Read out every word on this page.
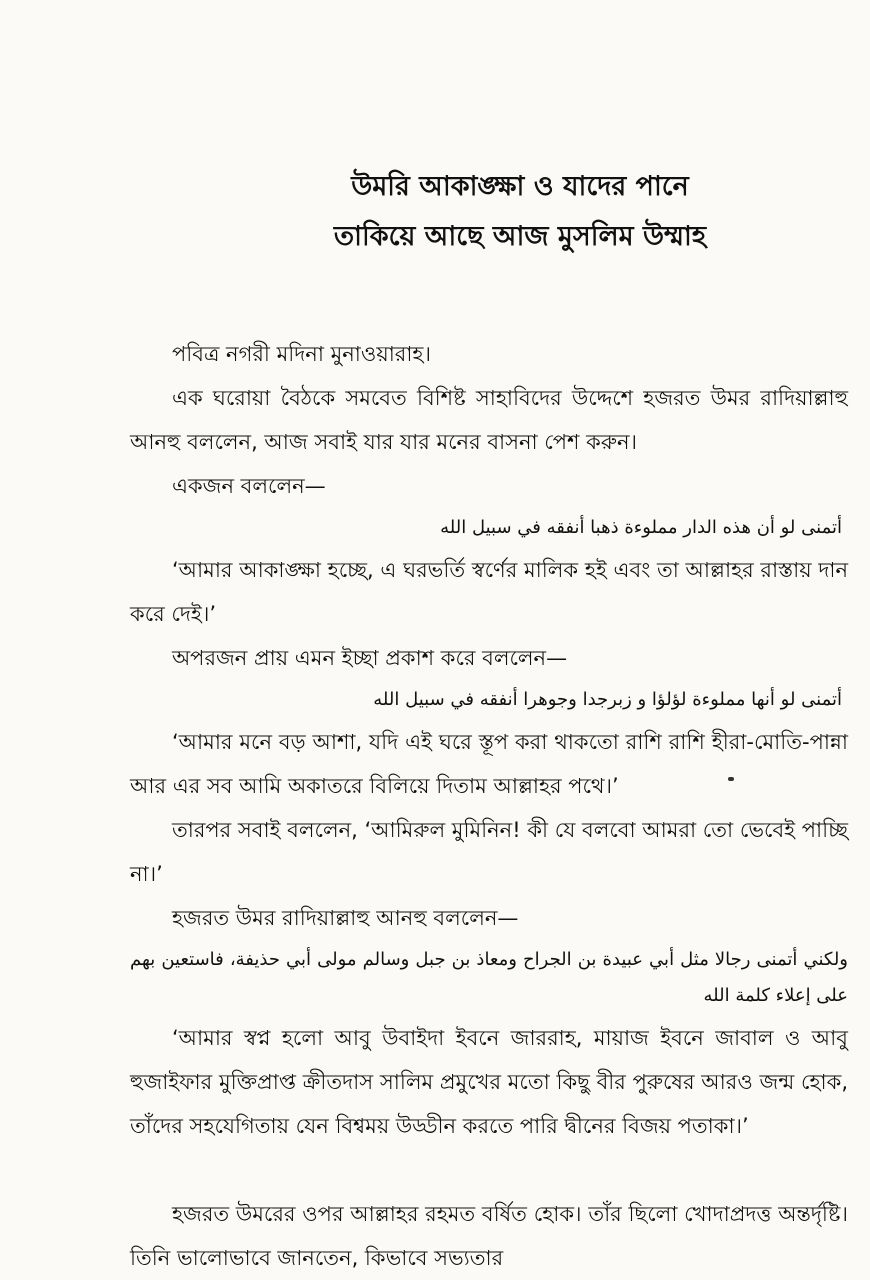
উমরি আকাঙ্ক্ষা ও যাদের পানে
তাকিয়ে আছে আজ মুসলিম উম্মাহ

পবিত্র নগরী মদিনা মুনাওয়ারাহ।

এক ঘরোয়া বৈঠকে সমবেত বিশিষ্ট সাহাবিদের উদ্দেশে হজরত উমর রাদিয়াল্লাহু আনহু বললেন, আজ সবাই যার যার মনের বাসনা পেশ করুন।

একজন বললেন—

أتمنى لو أن هذه الدار مملوءة ذهبا أنفقه في سبيل الله

‘আমার আকাঙ্ক্ষা হচ্ছে, এ ঘরভর্তি স্বর্ণের মালিক হই এবং তা আল্লাহর রাস্তায় দান করে দেই।’

অপরজন প্রায় এমন ইচ্ছা প্রকাশ করে বললেন—

أتمنى لو أنها مملوءة لؤلؤا و زبرجدا وجوهرا أنفقه في سبيل الله

‘আমার মনে বড় আশা, যদি এই ঘরে স্তূপ করা থাকতো রাশি রাশি হীরা-মোতি-পান্না আর এর সব আমি অকাতরে বিলিয়ে দিতাম আল্লাহর পথে।’

তারপর সবাই বললেন, ‘আমিরুল মুমিনিন! কী যে বলবো আমরা তো ভেবেই পাচ্ছি না।’

হজরত উমর রাদিয়াল্লাহু আনহু বললেন—

ولكني أتمنى رجالا مثل أبي عبيدة بن الجراح ومعاذ بن جبل وسالم مولى أبي حذيفة، فاستعين بهم على إعلاء كلمة الله

‘আমার স্বপ্ন হলো আবু উবাইদা ইবনে জাররাহ, মায়াজ ইবনে জাবাল ও আবু হুজাইফার মুক্তিপ্রাপ্ত ক্রীতদাস সালিম প্রমুখের মতো কিছু বীর পুরুষের আরও জন্ম হোক, তাঁদের সহযেগিতায় যেন বিশ্বময় উড্ডীন করতে পারি দ্বীনের বিজয় পতাকা।’

হজরত উমরের ওপর আল্লাহর রহমত বর্ষিত হোক। তাঁর ছিলো খোদাপ্রদত্ত অন্তর্দৃষ্টি। তিনি ভালোভাবে জানতেন, কিভাবে সভ্যতার
